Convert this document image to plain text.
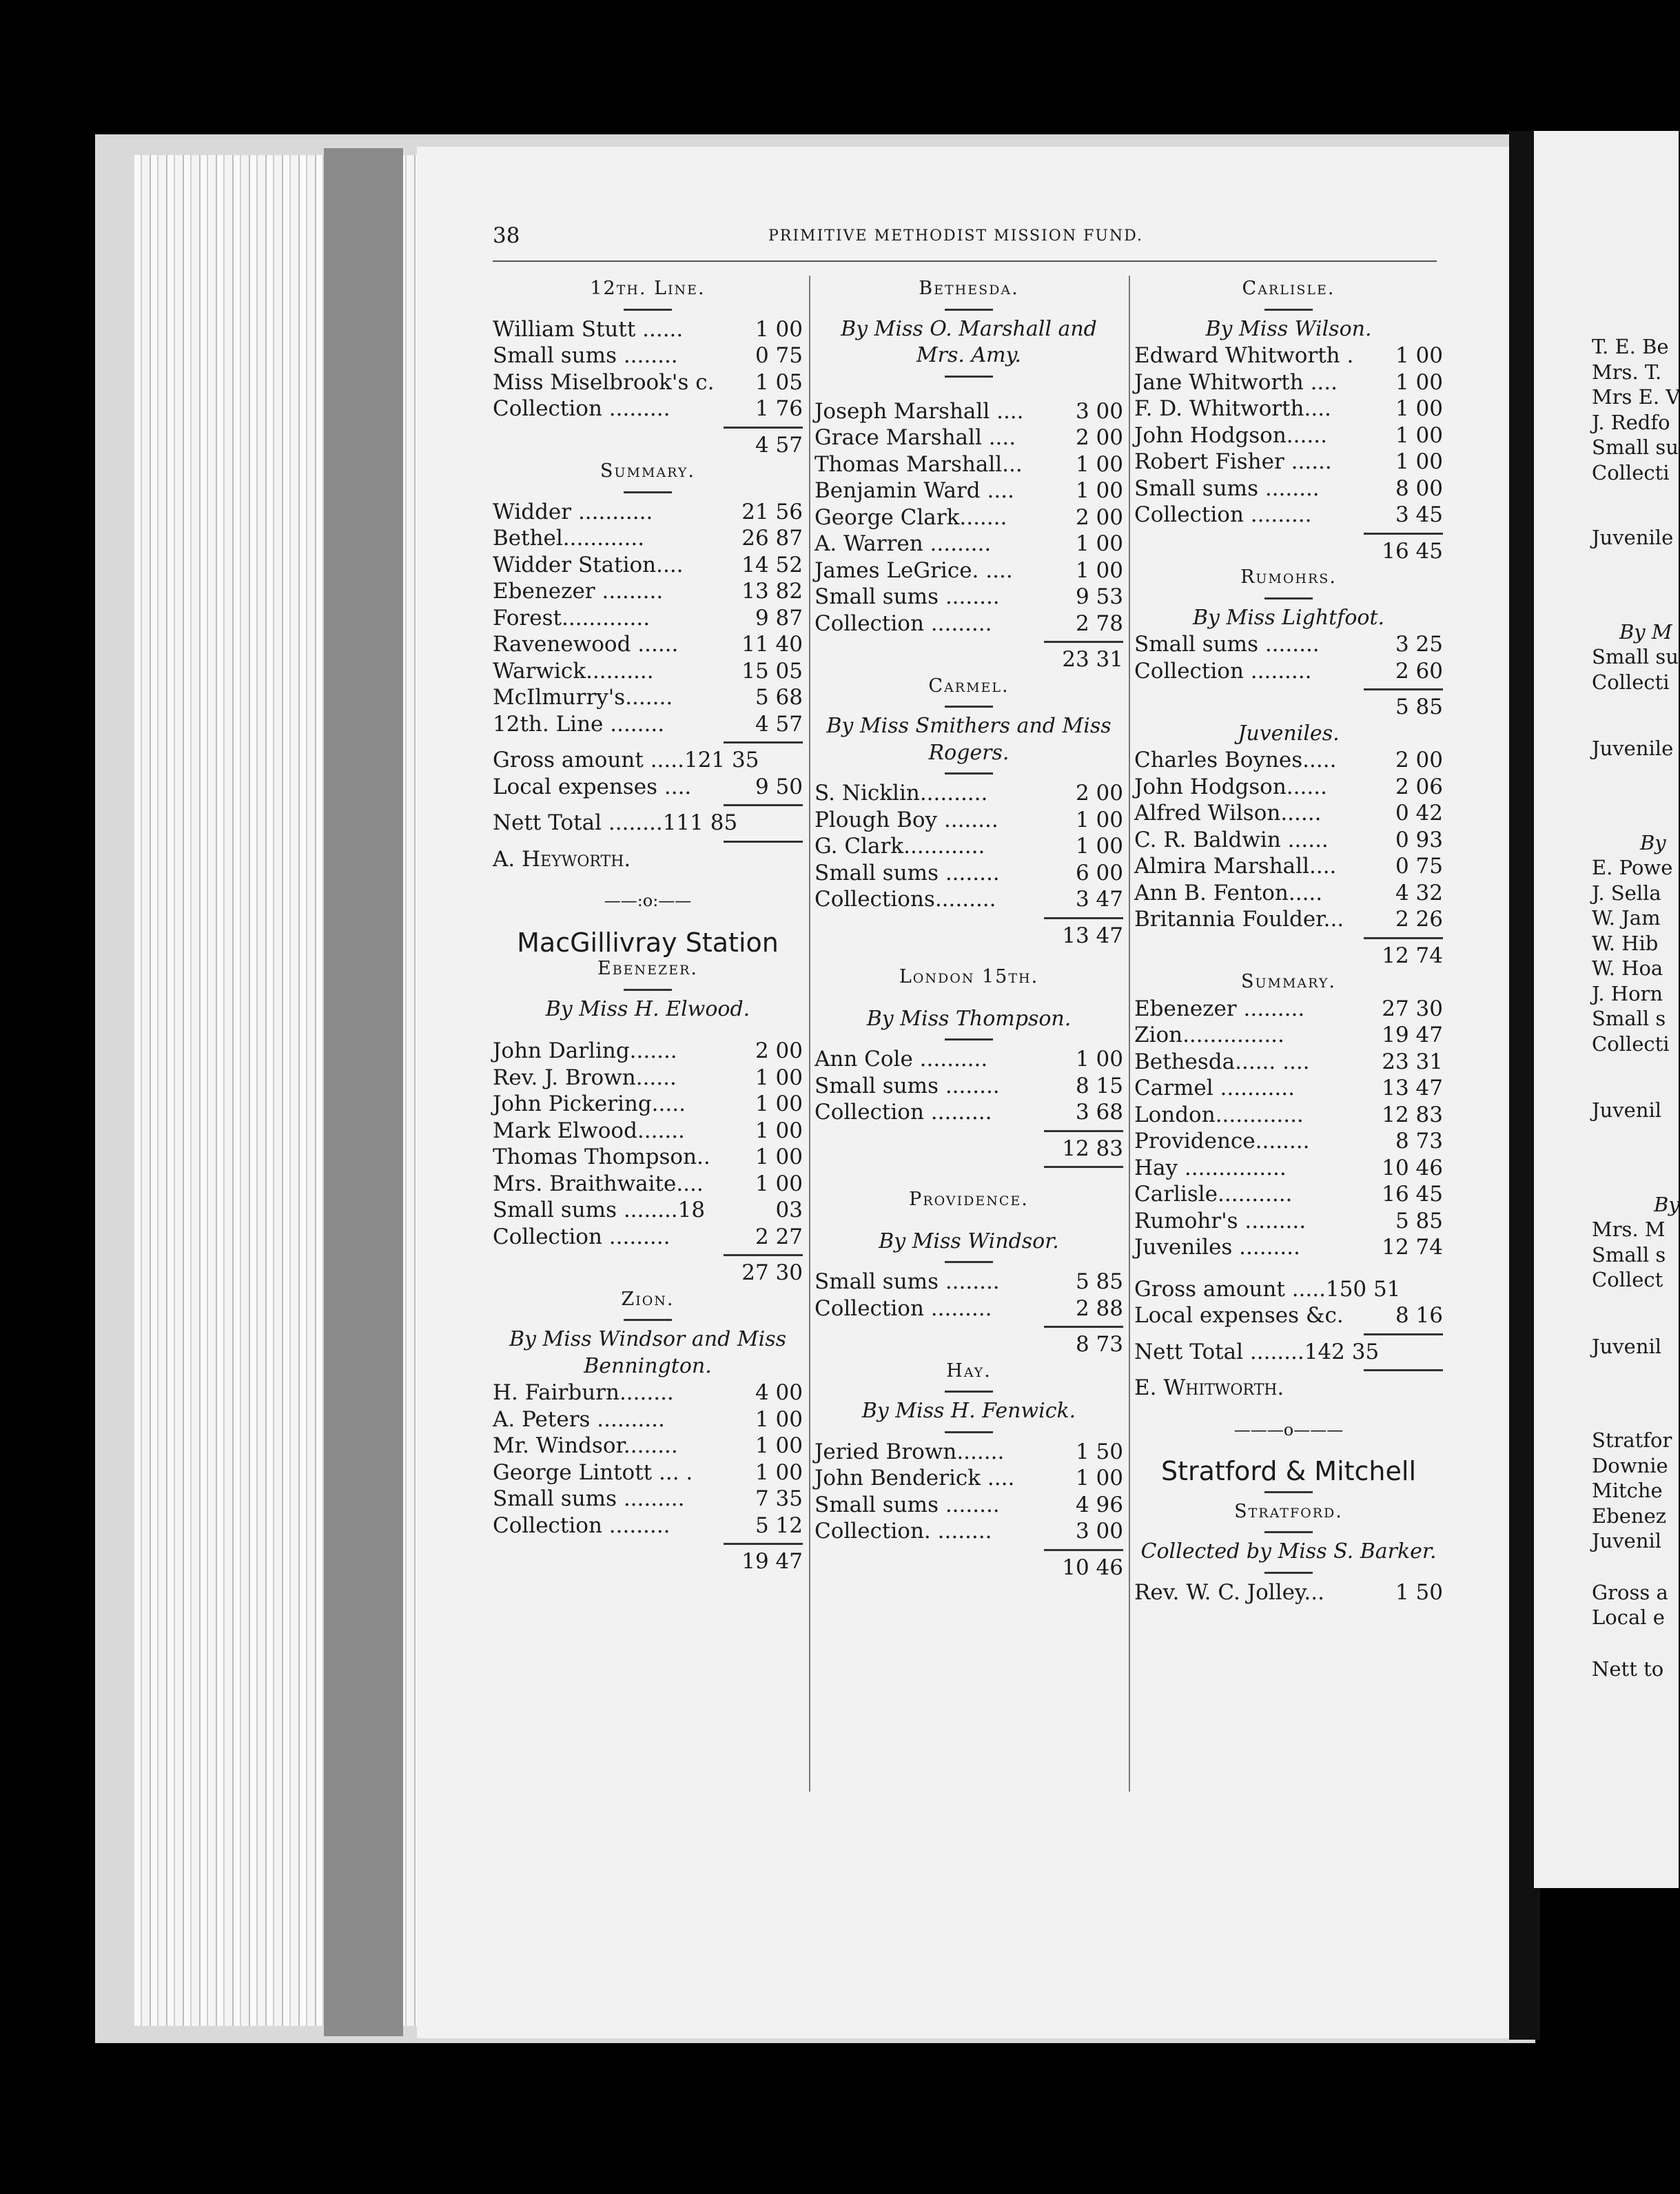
38	PRIMITIVE METHODIST MISSION FUND.
12th. Line.
William Stutt ......	1 00
Small sums ........	0 75
Miss Miselbrook's c. 1 05
Collection .........	1 76
4 57
Summary.
Widder ...........	21 56
Bethel............	26 87
Widder Station....	14 52
Ebenezer .........	13 82
Forest.............	9 87
Ravenewood ......	11 40
Warwick..........	15 05
McIlmurry's.......	5 68
12th. Line ........	4 57
Gross amount .....121 35
Local expenses ....	9 50
Nett Total ........111 85
A. Heyworth.
——:o:——
MacGillivray Station
Ebenezer.
By Miss H. Elwood.
John Darling.......	2 00
Rev. J. Brown......	1 00
John Pickering.....	1 00
Mark Elwood.......	1 00
Thomas Thompson.. 1 00
Mrs. Braithwaite.... 1 00
Small sums ........18	03
Collection .........	2 27
27 30
Zion.
By Miss Windsor and Miss
Bennington.
H. Fairburn........	4 00
A. Peters ..........	1 00
Mr. Windsor........	1 00
George Lintott ... .	1 00
Small sums .........	7 35
Collection .........	5 12
19 47
Bethesda.
By Miss O. Marshall and
Mrs. Amy.
Joseph Marshall .... 3 00
Grace Marshall ....	2 00
Thomas Marshall... 1 00
Benjamin Ward ....	1 00
George Clark.......	2 00
A. Warren .........	1 00
James LeGrice. ....	1 00
Small sums ........	9 53
Collection .........	2 78
23 31
Carmel.
By Miss Smithers and Miss
Rogers.
S. Nicklin..........	2 00
Plough Boy ........	1 00
G. Clark............	1 00
Small sums ........	6 00
Collections.........	3 47
13 47
London 15th.
By Miss Thompson.
Ann Cole ..........	1 00
Small sums ........	8 15
Collection .........	3 68
12 83
Providence.
By Miss Windsor.
Small sums ........	5 85
Collection .........	2 88
8 73
Hay.
By Miss H. Fenwick.
Jeried Brown.......	1 50
John Benderick ....	1 00
Small sums ........	4 96
Collection. ........	3 00
10 46
Carlisle.
By Miss Wilson.
Edward Whitworth . 1 00
Jane Whitworth ....	1 00
F. D. Whitworth....	1 00
John Hodgson......	1 00
Robert Fisher ......	1 00
Small sums ........	8 00
Collection .........	3 45
16 45
Rumohrs.
By Miss Lightfoot.
Small sums ........	3 25
Collection .........	2 60
5 85
Juveniles.
Charles Boynes.....	2 00
John Hodgson......	2 06
Alfred Wilson......	0 42
C. R. Baldwin ......	0 93
Almira Marshall....	0 75
Ann B. Fenton.....	4 32
Britannia Foulder... 2 26
12 74
Summary.
Ebenezer .........	27 30
Zion...............	19 47
Bethesda...... ....	23 31
Carmel ...........	13 47
London.............	12 83
Providence........	8 73
Hay ...............	10 46
Carlisle...........	16 45
Rumohr's .........	5 85
Juveniles .........	12 74
Gross amount .....150 51
Local expenses &c. 8 16
Nett Total ........142 35
E. Whitworth.
———o———
Stratford & Mitchell
Stratford.
Collected by Miss S. Barker.
Rev. W. C. Jolley...	1 50
T. E. Be
Mrs. T.
Mrs E. V
J. Redfo
Small su
Collecti
Juvenile
By M
Small su
Collecti
Juvenile
By
E. Powe
J. Sella
W. Jam
W. Hib
W. Hoa
J. Horn
Small s
Collecti
Juvenil
By
Mrs. M
Small s
Collect
Juvenil
Stratfor
Downie
Mitche
Ebenez
Juvenil
Gross a
Local e
Nett to
